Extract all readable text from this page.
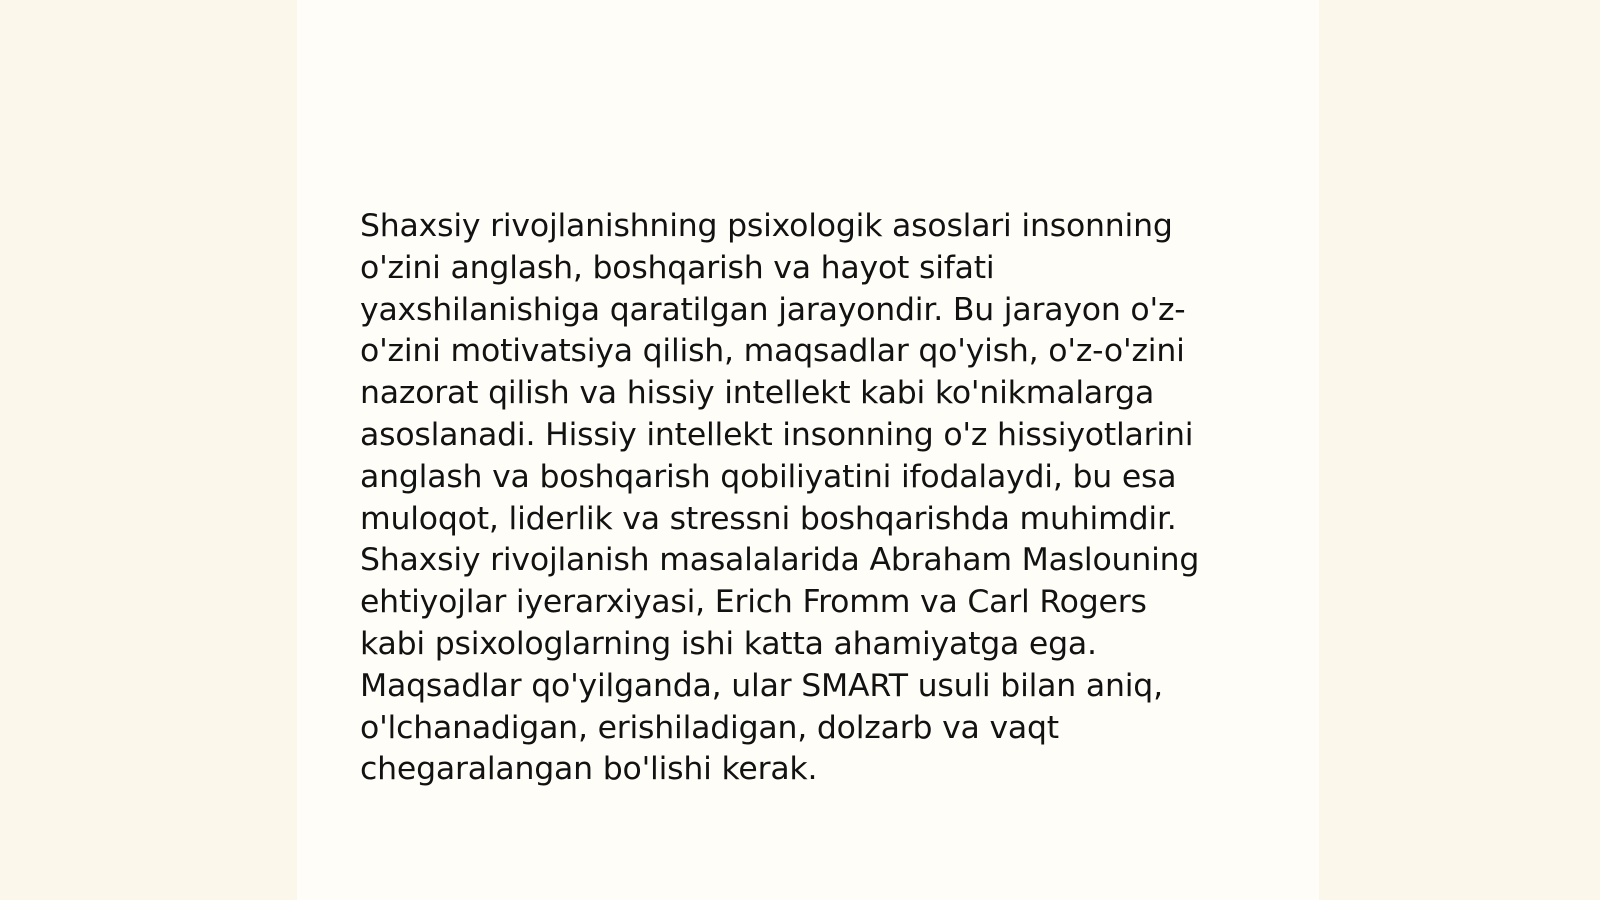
Shaxsiy rivojlanishning psixologik asoslari insonning
o'zini anglash, boshqarish va hayot sifati
yaxshilanishiga qaratilgan jarayondir. Bu jarayon o'z-
o'zini motivatsiya qilish, maqsadlar qo'yish, o'z-o'zini
nazorat qilish va hissiy intellekt kabi ko'nikmalarga
asoslanadi. Hissiy intellekt insonning o'z hissiyotlarini
anglash va boshqarish qobiliyatini ifodalaydi, bu esa
muloqot, liderlik va stressni boshqarishda muhimdir.
Shaxsiy rivojlanish masalalarida Abraham Maslouning
ehtiyojlar iyerarxiyasi, Erich Fromm va Carl Rogers
kabi psixologlarning ishi katta ahamiyatga ega.
Maqsadlar qo'yilganda, ular SMART usuli bilan aniq,
o'lchanadigan, erishiladigan, dolzarb va vaqt
chegaralangan bo'lishi kerak.
